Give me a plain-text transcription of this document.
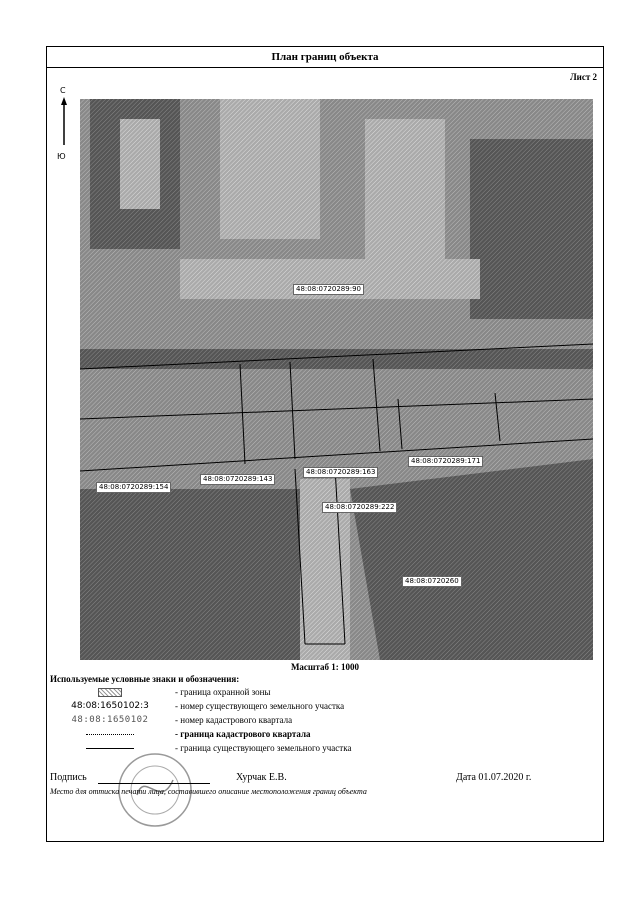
План границ объекта
Лист 2
С
Ю
48:08:0720289:90
48:08:0720289:154
48:08:0720289:143
48:08:0720289:163
48:08:0720289:171
48:08:0720289:222
48:08:0720260
Масштаб 1: 1000
Используемые условные знаки и обозначения:
- граница охранной зоны
48:08:1650102:3	- номер существующего земельного участка
48:08:1650102	- номер кадастрового квартала
- граница кадастрового квартала
- граница существующего земельного участка
Подпись	Хурчак Е.В.	Дата 01.07.2020 г.
Место для оттиска печати лица, составившего описание местоположения границ объекта
